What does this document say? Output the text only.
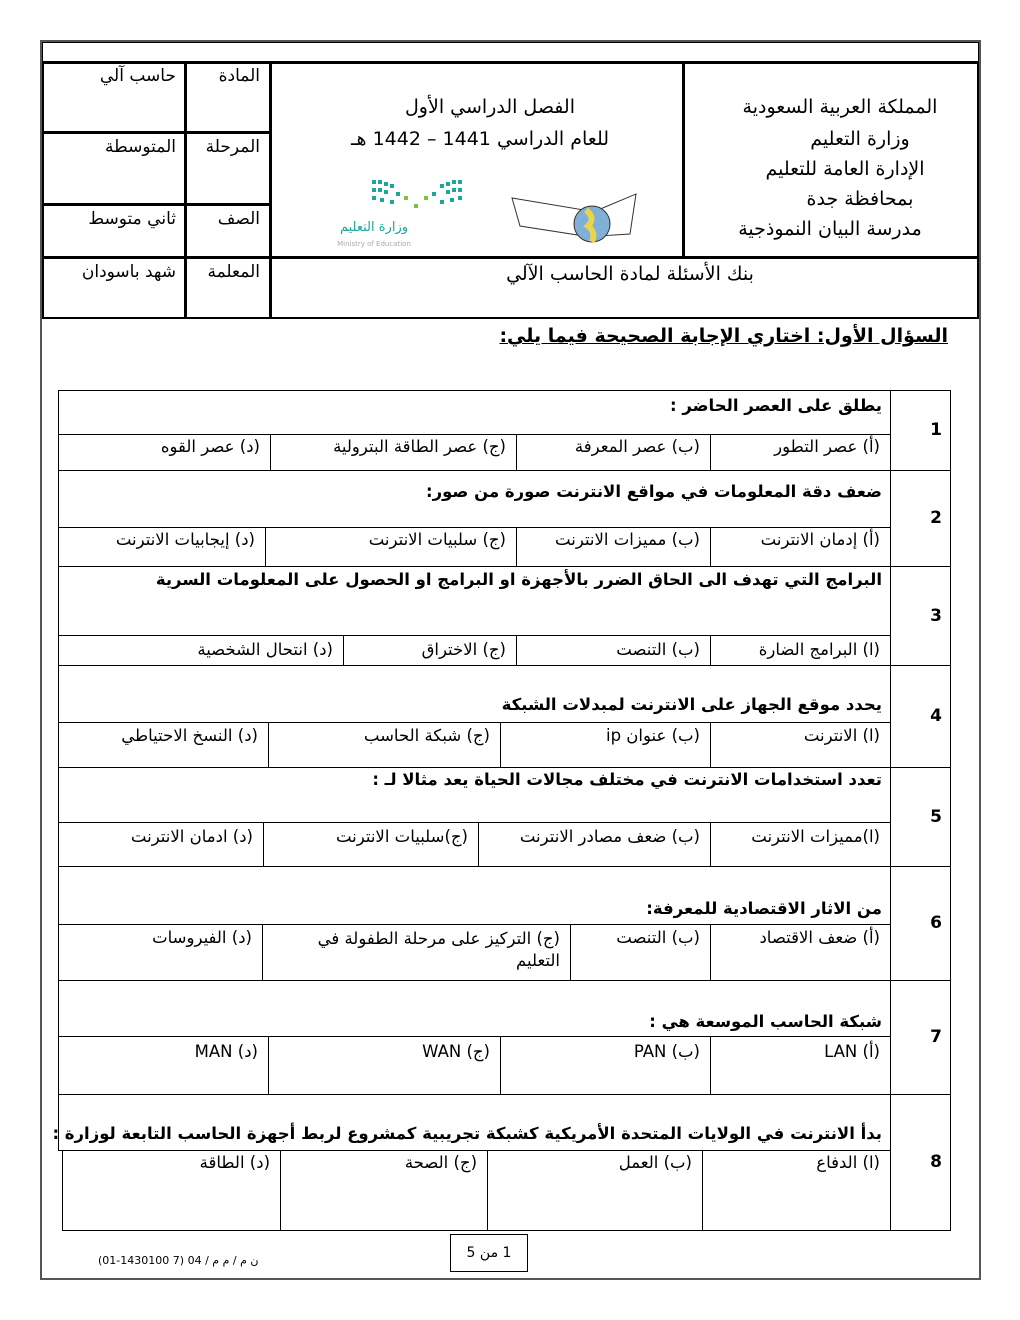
المملكة العربية السعودية
وزارة التعليم
الإدارة العامة للتعليم
بمحافظة جدة
مدرسة البيان النموذجية
الفصل الدراسي الأول
للعام الدراسي 1441 – 1442 هـ
وزارة التعليم
Ministry of Education
بنك الأسئلة لمادة الحاسب الآلي
المادة
حاسب آلي
المرحلة
المتوسطة
الصف
ثاني متوسط
المعلمة
شهد باسودان
السؤال الأول: اختاري الإجابة الصحيحة فيما يلي:
1
يطلق على العصر الحاضر :
(أ) عصر التطور
(ب) عصر المعرفة
(ج) عصر الطاقة البترولية
(د) عصر القوه
2
ضعف دقة المعلومات في مواقع الانترنت صورة من صور:
(أ) إدمان الانترنت
(ب) مميزات الانترنت
(ج) سلبيات الانترنت
(د) إيجابيات الانترنت
3
البرامج التي تهدف الى الحاق الضرر بالأجهزة او البرامج او الحصول على المعلومات السرية
(ا) البرامج الضارة
(ب) التنصت
(ج) الاختراق
(د) انتحال الشخصية
4
يحدد موقع الجهاز على الانترنت لمبدلات الشبكة
(ا) الانترنت
(ب) عنوان ip
(ج) شبكة الحاسب
(د) النسخ الاحتياطي
5
تعدد استخدامات الانترنت في مختلف مجالات الحياة يعد مثالا لـ :
(ا)مميزات الانترنت
(ب) ضعف مصادر الانترنت
(ج)سلبيات الانترنت
(د) ادمان الانترنت
6
من الاثار الاقتصادية للمعرفة:
(أ) ضعف الاقتصاد
(ب) التنصت
(ج) التركيز على مرحلة الطفولة في التعليم
(د) الفيروسات
7
شبكة الحاسب الموسعة هي :
(أ) LAN
(ب) PAN
(ج) WAN
(د) MAN
8
بدأ الانترنت في الولايات المتحدة الأمريكية كشبكة تجريبية كمشروع لربط أجهزة الحاسب التابعة لوزارة :
(ا) الدفاع
(ب) العمل
(ج) الصحة
(د) الطاقة
1 من 5
ن م / م م / 04 (7 1430100-01)
